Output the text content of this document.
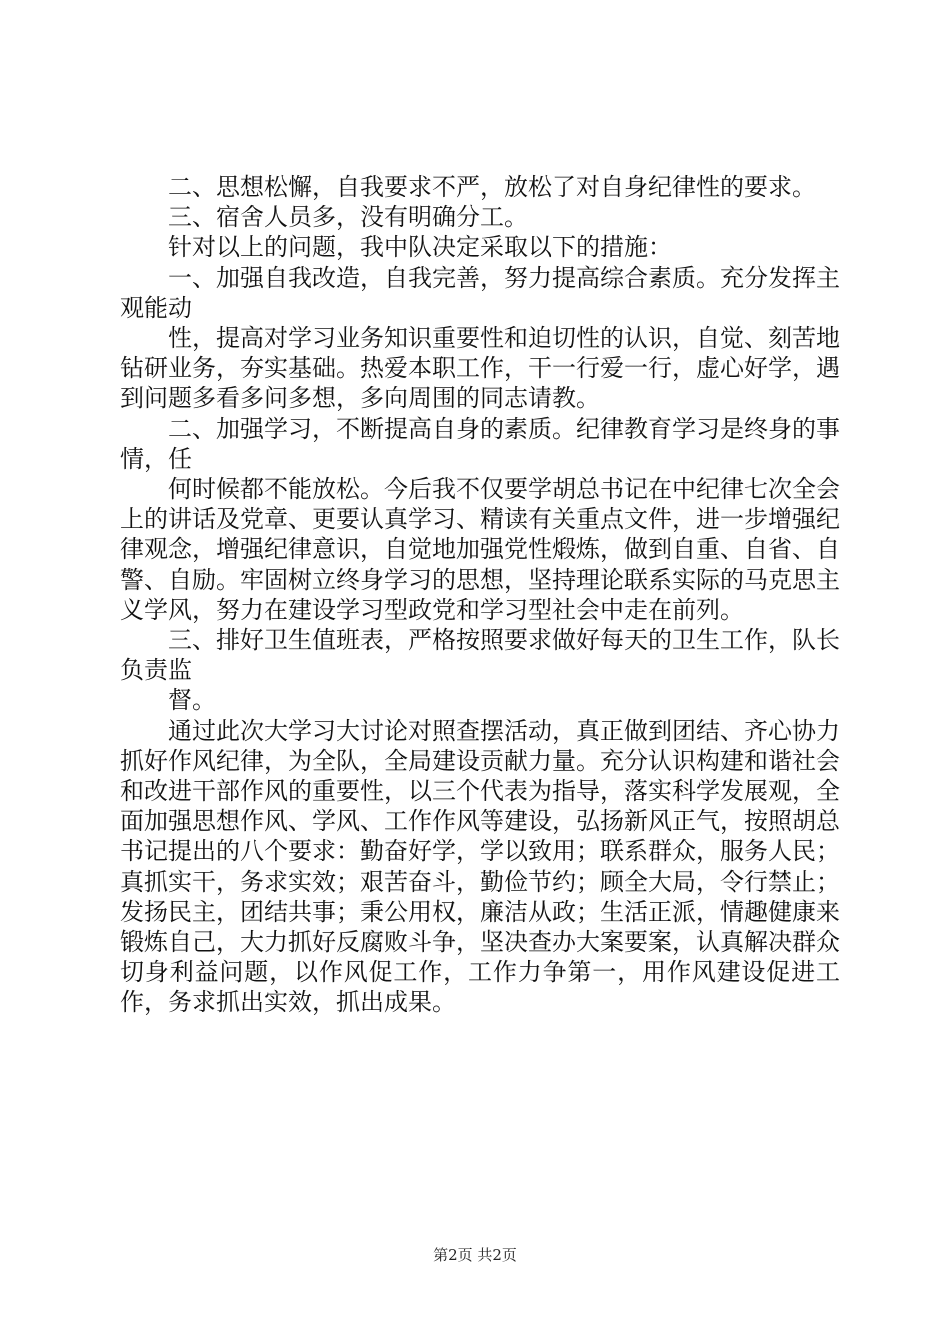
二、思想松懈，自我要求不严，放松了对自身纪律性的要求。

三、宿舍人员多，没有明确分工。

针对以上的问题，我中队决定采取以下的措施：

一、加强自我改造，自我完善，努力提高综合素质。充分发挥主观能动

性，提高对学习业务知识重要性和迫切性的认识，自觉、刻苦地钻研业务，夯实基础。热爱本职工作，干一行爱一行，虚心好学，遇到问题多看多问多想，多向周围的同志请教。

二、加强学习，不断提高自身的素质。纪律教育学习是终身的事情，任

何时候都不能放松。今后我不仅要学胡总书记在中纪律七次全会上的讲话及党章、更要认真学习、精读有关重点文件，进一步增强纪律观念，增强纪律意识，自觉地加强党性煅炼，做到自重、自省、自警、自励。牢固树立终身学习的思想，坚持理论联系实际的马克思主义学风，努力在建设学习型政党和学习型社会中走在前列。

三、排好卫生值班表，严格按照要求做好每天的卫生工作，队长负责监

督。

通过此次大学习大讨论对照查摆活动，真正做到团结、齐心协力抓好作风纪律，为全队，全局建设贡献力量。充分认识构建和谐社会和改进干部作风的重要性，以三个代表为指导，落实科学发展观，全面加强思想作风、学风、工作作风等建设，弘扬新风正气，按照胡总书记提出的八个要求：勤奋好学，学以致用；联系群众，服务人民；真抓实干，务求实效；艰苦奋斗，勤俭节约；顾全大局，令行禁止；发扬民主，团结共事；秉公用权，廉洁从政；生活正派，情趣健康来锻炼自己，大力抓好反腐败斗争，坚决查办大案要案，认真解决群众切身利益问题，以作风促工作，工作力争第一，用作风建设促进工作，务求抓出实效，抓出成果。

第2页 共2页
